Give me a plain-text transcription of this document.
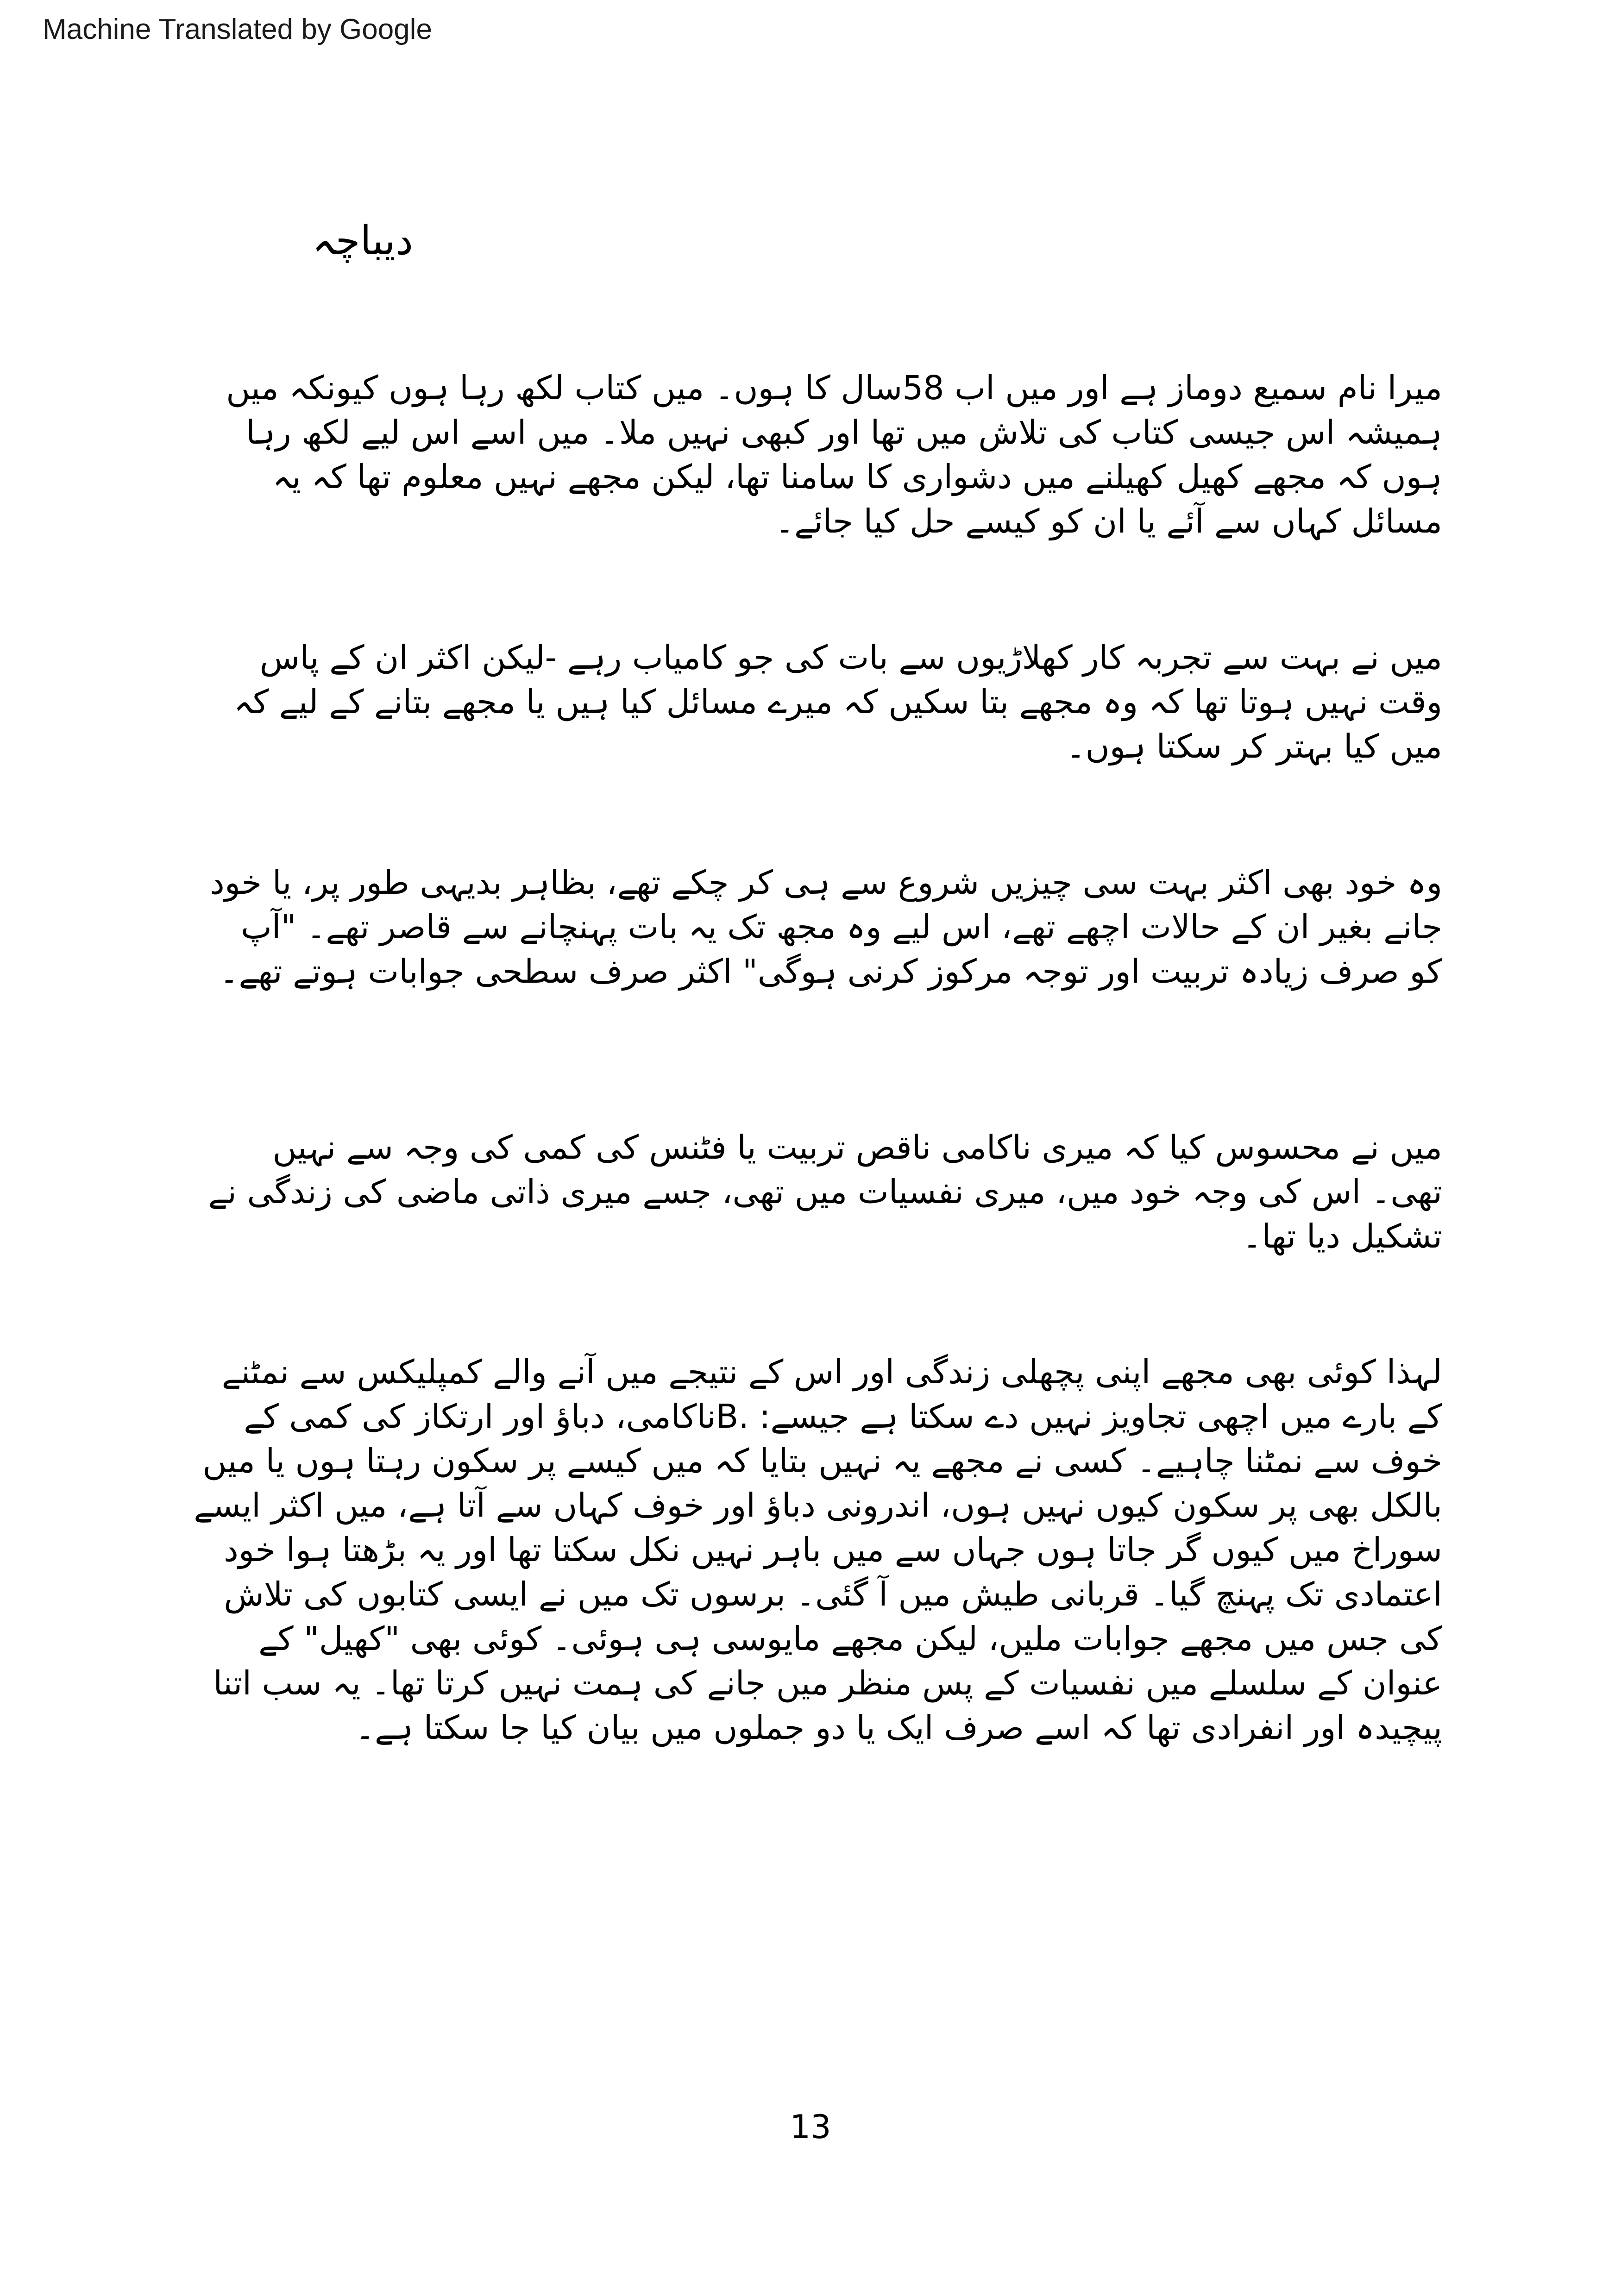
Machine Translated by Google
دیباچہ
میرا نام سمیع دوماز ہے اور میں اب 58سال کا ہوں۔ میں کتاب لکھ رہا ہوں کیونکہ میں
ہمیشہ اس جیسی کتاب کی تلاش میں تھا اور کبھی نہیں ملا۔ میں اسے اس لیے لکھ رہا
ہوں کہ مجھے کھیل کھیلنے میں دشواری کا سامنا تھا، لیکن مجھے نہیں معلوم تھا کہ یہ
مسائل کہاں سے آئے یا ان کو کیسے حل کیا جائے۔
میں نے بہت سے تجربہ کار کھلاڑیوں سے بات کی جو کامیاب رہے -لیکن اکثر ان کے پاس
وقت نہیں ہوتا تھا کہ وہ مجھے بتا سکیں کہ میرے مسائل کیا ہیں یا مجھے بتانے کے لیے کہ
میں کیا بہتر کر سکتا ہوں۔
وہ خود بھی اکثر بہت سی چیزیں شروع سے ہی کر چکے تھے، بظاہر بدیہی طور پر، یا خود
جانے بغیر ان کے حالات اچھے تھے، اس لیے وہ مجھ تک یہ بات پہنچانے سے قاصر تھے۔ "آپ
کو صرف زیادہ تربیت اور توجہ مرکوز کرنی ہوگی" اکثر صرف سطحی جوابات ہوتے تھے۔
میں نے محسوس کیا کہ میری ناکامی ناقص تربیت یا فٹنس کی کمی کی وجہ سے نہیں
تھی۔ اس کی وجہ خود میں، میری نفسیات میں تھی، جسے میری ذاتی ماضی کی زندگی نے
تشکیل دیا تھا۔
لہذا کوئی بھی مجھے اپنی پچھلی زندگی اور اس کے نتیجے میں آنے والے کمپلیکس سے نمٹنے
کے بارے میں اچھی تجاویز نہیں دے سکتا ہے جیسے: .Bناکامی، دباؤ اور ارتکاز کی کمی کے
خوف سے نمٹنا چاہیے۔ کسی نے مجھے یہ نہیں بتایا کہ میں کیسے پر سکون رہتا ہوں یا میں
بالکل بھی پر سکون کیوں نہیں ہوں، اندرونی دباؤ اور خوف کہاں سے آتا ہے، میں اکثر ایسے
سوراخ میں کیوں گر جاتا ہوں جہاں سے میں باہر نہیں نکل سکتا تھا اور یہ بڑھتا ہوا خود
اعتمادی تک پہنچ گیا۔ قربانی طیش میں آ گئی۔ برسوں تک میں نے ایسی کتابوں کی تلاش
کی جس میں مجھے جوابات ملیں، لیکن مجھے مایوسی ہی ہوئی۔ کوئی بھی "کھیل" کے
عنوان کے سلسلے میں نفسیات کے پس منظر میں جانے کی ہمت نہیں کرتا تھا۔ یہ سب اتنا
پیچیدہ اور انفرادی تھا کہ اسے صرف ایک یا دو جملوں میں بیان کیا جا سکتا ہے۔
13
